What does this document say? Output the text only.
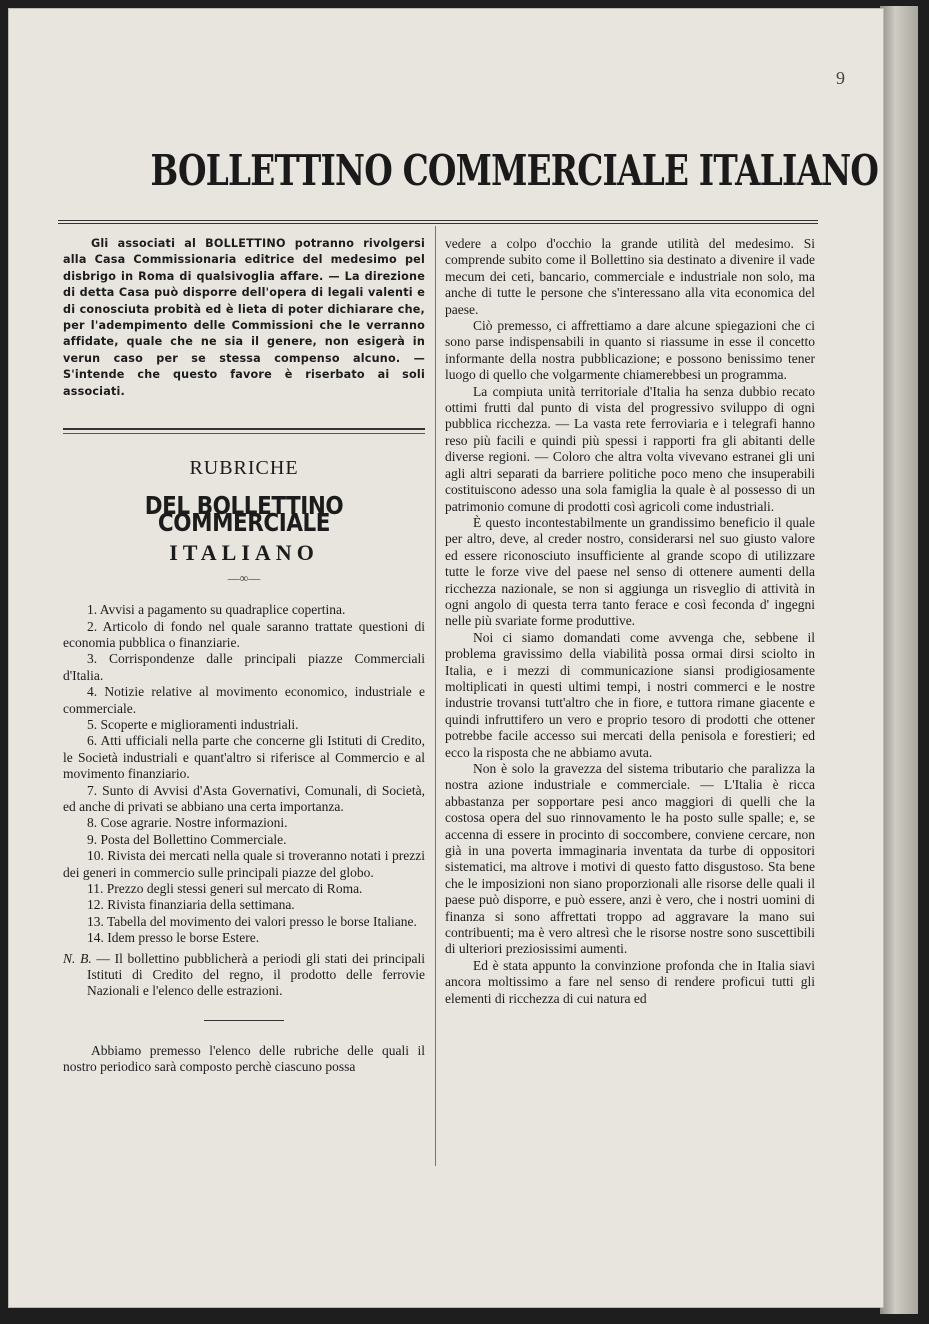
9
BOLLETTINO COMMERCIALE ITALIANO

Gli associati al BOLLETTINO potranno rivolgersi alla Casa Commissionaria editrice del medesimo pel disbrigo in Roma di qualsivoglia affare. — La direzione di detta Casa può disporre dell'opera di legali valenti e di conosciuta probità ed è lieta di poter dichiarare che, per l'adempimento delle Commissioni che le verranno affidate, quale che ne sia il genere, non esigerà in verun caso per se stessa compenso alcuno. — S'intende che questo favore è riserbato ai soli associati.

RUBRICHE
DEL BOLLETTINO COMMERCIALE
ITALIANO
—∞—
1. Avvisi a pagamento su quadraplice copertina.
2. Articolo di fondo nel quale saranno trattate questioni di economia pubblica o finanziarie.
3. Corrispondenze dalle principali piazze Commerciali d'Italia.
4. Notizie relative al movimento economico, industriale e commerciale.
5. Scoperte e miglioramenti industriali.
6. Atti ufficiali nella parte che concerne gli Istituti di Credito, le Società industriali e quant'altro si riferisce al Commercio e al movimento finanziario.
7. Sunto di Avvisi d'Asta Governativi, Comunali, di Società, ed anche di privati se abbiano una certa importanza.
8. Cose agrarie. Nostre informazioni.
9. Posta del Bollettino Commerciale.
10. Rivista dei mercati nella quale si troveranno notati i prezzi dei generi in commercio sulle principali piazze del globo.
11. Prezzo degli stessi generi sul mercato di Roma.
12. Rivista finanziaria della settimana.
13. Tabella del movimento dei valori presso le borse Italiane.
14. Idem presso le borse Estere.
N. B. — Il bollettino pubblicherà a periodi gli stati dei principali Istituti di Credito del regno, il prodotto delle ferrovie Nazionali e l'elenco delle estrazioni.

Abbiamo premesso l'elenco delle rubriche delle quali il nostro periodico sarà composto perchè ciascuno possa

vedere a colpo d'occhio la grande utilità del medesimo. Si comprende subito come il Bollettino sia destinato a divenire il vade mecum dei ceti, bancario, commerciale e industriale non solo, ma anche di tutte le persone che s'interessano alla vita economica del paese.

Ciò premesso, ci affrettiamo a dare alcune spiegazioni che ci sono parse indispensabili in quanto si riassume in esse il concetto informante della nostra pubblicazione; e possono benissimo tener luogo di quello che volgarmente chiamerebbesi un programma.

La compiuta unità territoriale d'Italia ha senza dubbio recato ottimi frutti dal punto di vista del progressivo sviluppo di ogni pubblica ricchezza. — La vasta rete ferroviaria e i telegrafi hanno reso più facili e quindi più spessi i rapporti fra gli abitanti delle diverse regioni. — Coloro che altra volta vivevano estranei gli uni agli altri separati da barriere politiche poco meno che insuperabili costituiscono adesso una sola famiglia la quale è al possesso di un patrimonio comune di prodotti così agricoli come industriali.

È questo incontestabilmente un grandissimo beneficio il quale per altro, deve, al creder nostro, considerarsi nel suo giusto valore ed essere riconosciuto insufficiente al grande scopo di utilizzare tutte le forze vive del paese nel senso di ottenere aumenti della ricchezza nazionale, se non si aggiunga un risveglio di attività in ogni angolo di questa terra tanto ferace e così feconda d' ingegni nelle più svariate forme produttive.

Noi ci siamo domandati come avvenga che, sebbene il problema gravissimo della viabilità possa ormai dirsi sciolto in Italia, e i mezzi di communicazione siansi prodigiosamente moltiplicati in questi ultimi tempi, i nostri commerci e le nostre industrie trovansi tutt'altro che in fiore, e tuttora rimane giacente e quindi infruttifero un vero e proprio tesoro di prodotti che ottener potrebbe facile accesso sui mercati della penisola e forestieri; ed ecco la risposta che ne abbiamo avuta.

Non è solo la gravezza del sistema tributario che paralizza la nostra azione industriale e commerciale. — L'Italia è ricca abbastanza per sopportare pesi anco maggiori di quelli che la costosa opera del suo rinnovamento le ha posto sulle spalle; e, se accenna di essere in procinto di soccombere, conviene cercare, non già in una poverta immaginaria inventata da turbe di oppositori sistematici, ma altrove i motivi di questo fatto disgustoso. Sta bene che le imposizioni non siano proporzionali alle risorse delle quali il paese può disporre, e può essere, anzi è vero, che i nostri uomini di finanza si sono affrettati troppo ad aggravare la mano sui contribuenti; ma è vero altresì che le risorse nostre sono suscettibili di ulteriori preziosissimi aumenti.

Ed è stata appunto la convinzione profonda che in Italia siavi ancora moltissimo a fare nel senso di rendere proficui tutti gli elementi di ricchezza di cui natura ed
